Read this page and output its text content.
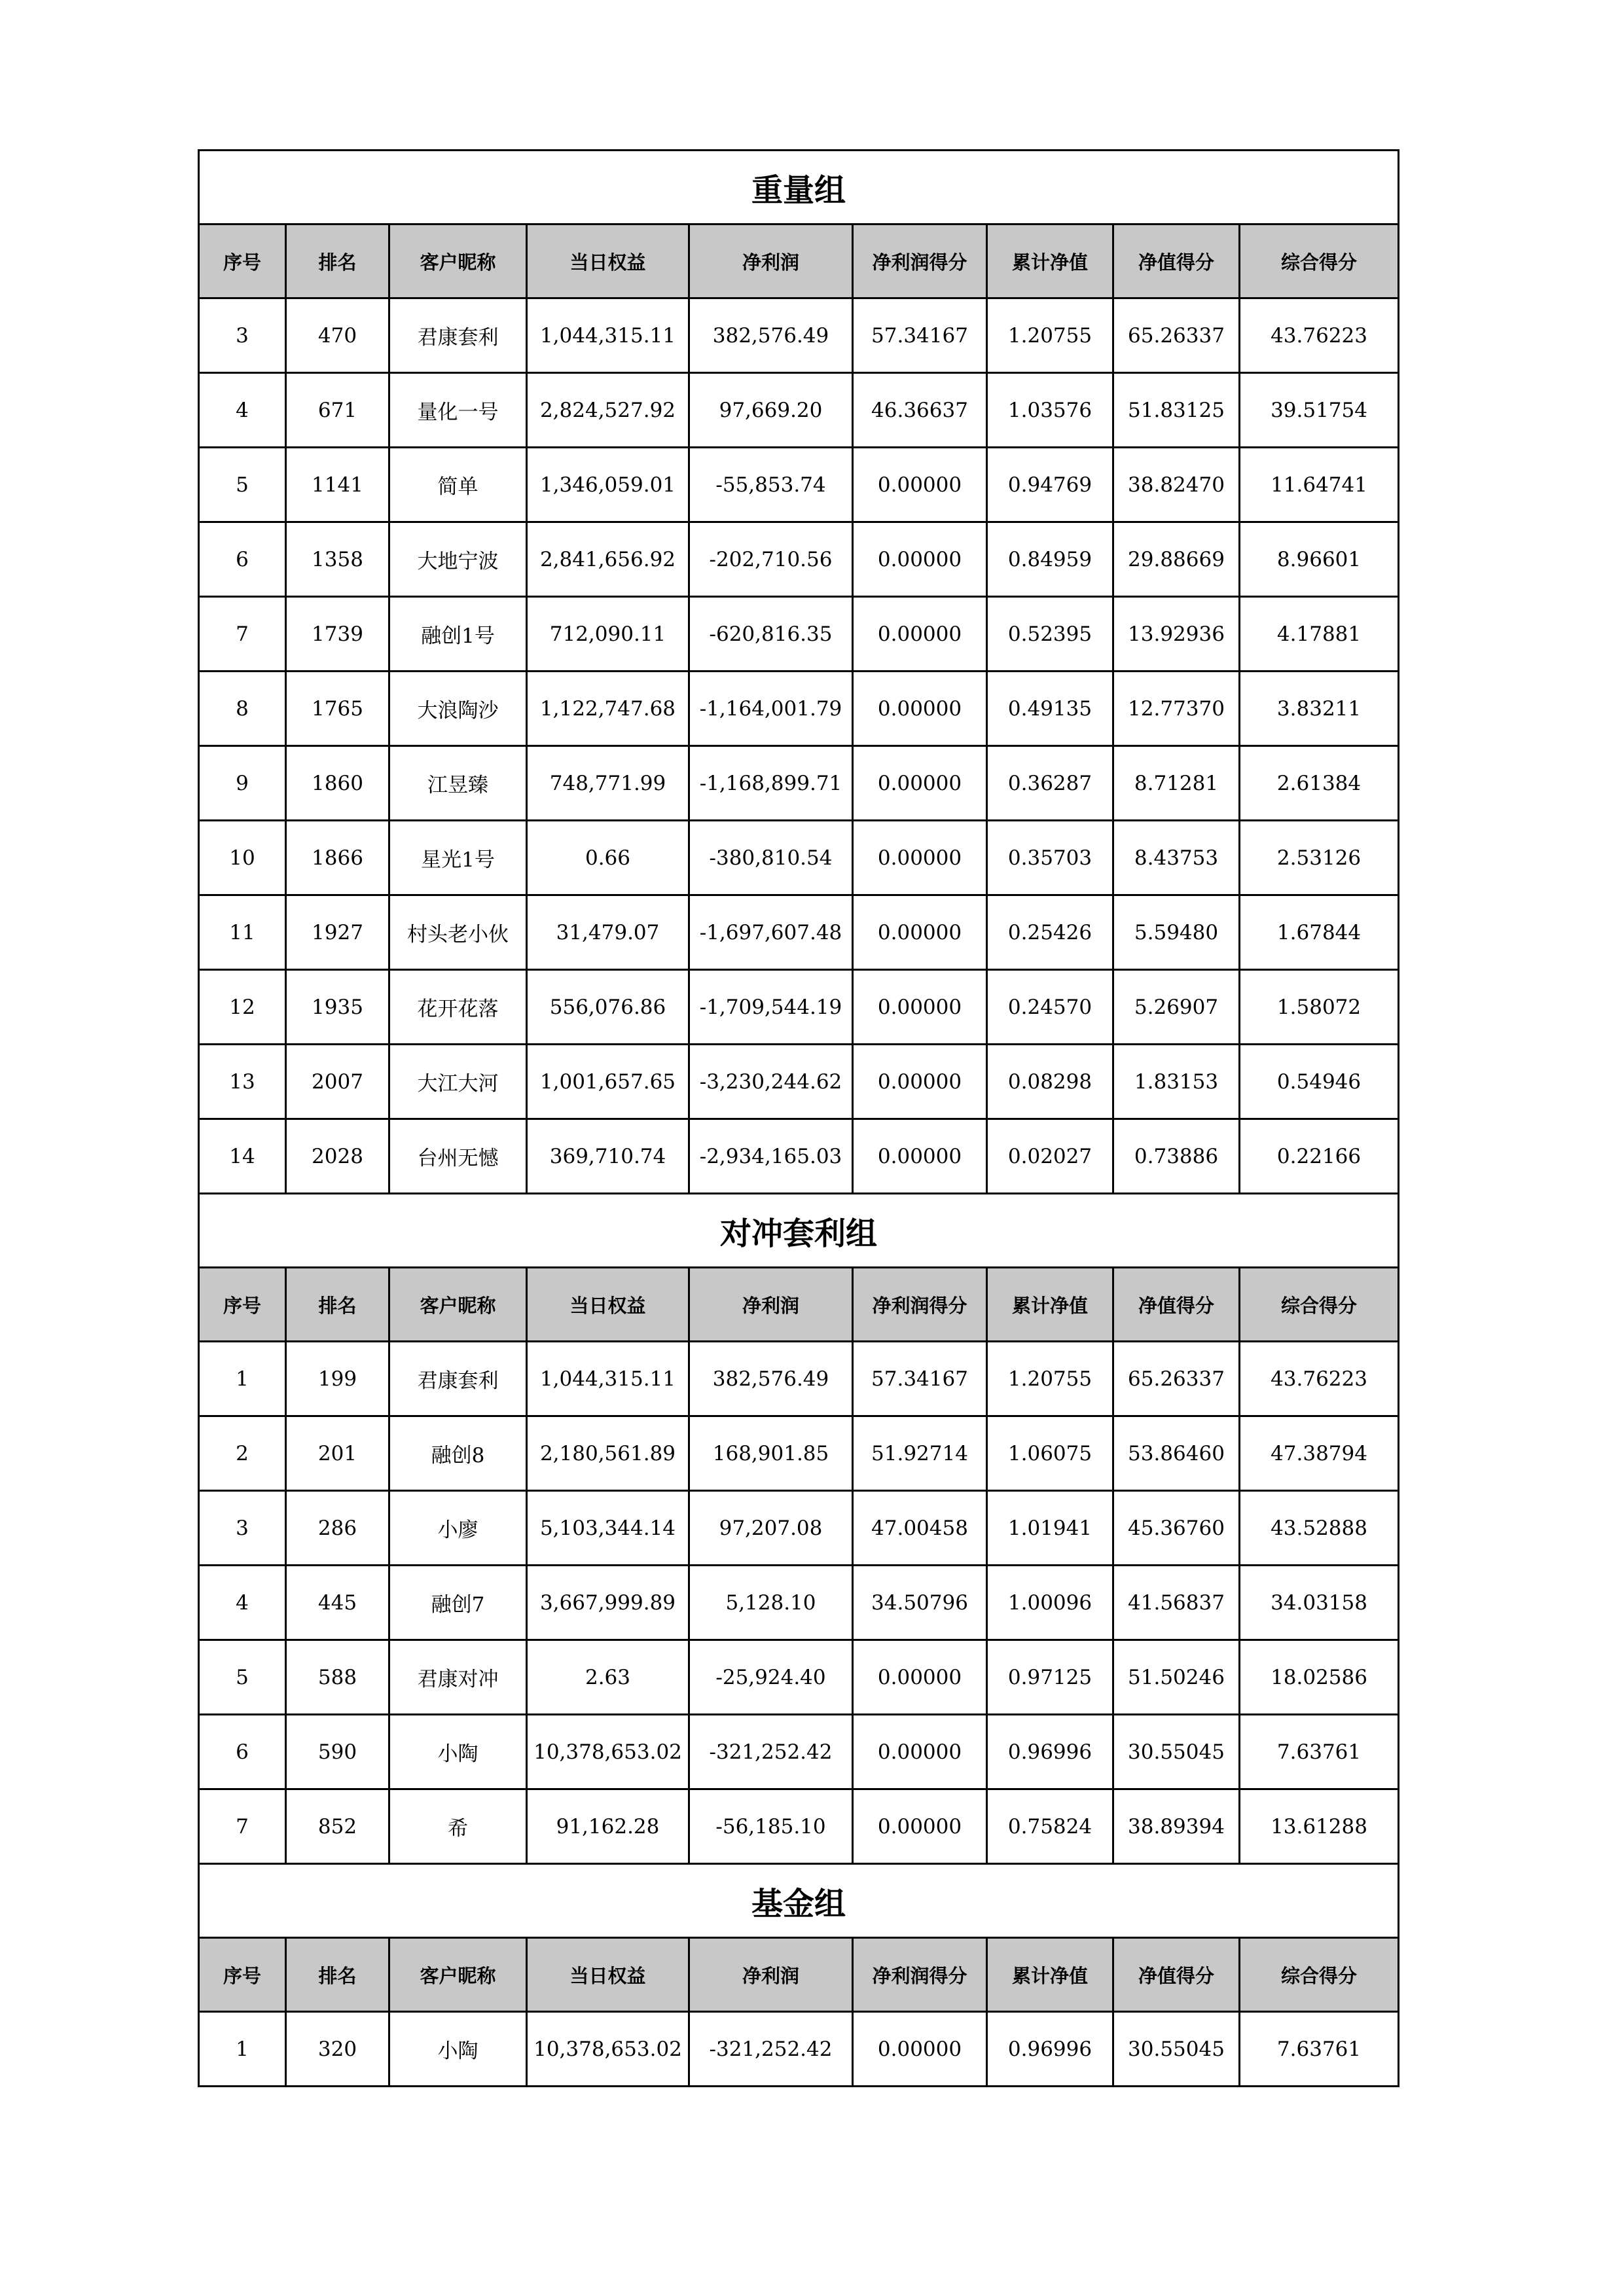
重量组								
序号	排名	客户昵称	当日权益	净利润	净利润得分	累计净值	净值得分	综合得分
3	470	君康套利	1,044,315.11	382,576.49	57.34167	1.20755	65.26337	43.76223
4	671	量化一号	2,824,527.92	97,669.20	46.36637	1.03576	51.83125	39.51754
5	1141	简单	1,346,059.01	-55,853.74	0.00000	0.94769	38.82470	11.64741
6	1358	大地宁波	2,841,656.92	-202,710.56	0.00000	0.84959	29.88669	8.96601
7	1739	融创1号	712,090.11	-620,816.35	0.00000	0.52395	13.92936	4.17881
8	1765	大浪陶沙	1,122,747.68	-1,164,001.79	0.00000	0.49135	12.77370	3.83211
9	1860	江昱臻	748,771.99	-1,168,899.71	0.00000	0.36287	8.71281	2.61384
10	1866	星光1号	0.66	-380,810.54	0.00000	0.35703	8.43753	2.53126
11	1927	村头老小伙	31,479.07	-1,697,607.48	0.00000	0.25426	5.59480	1.67844
12	1935	花开花落	556,076.86	-1,709,544.19	0.00000	0.24570	5.26907	1.58072
13	2007	大江大河	1,001,657.65	-3,230,244.62	0.00000	0.08298	1.83153	0.54946
14	2028	台州无憾	369,710.74	-2,934,165.03	0.00000	0.02027	0.73886	0.22166
对冲套利组								
序号	排名	客户昵称	当日权益	净利润	净利润得分	累计净值	净值得分	综合得分
1	199	君康套利	1,044,315.11	382,576.49	57.34167	1.20755	65.26337	43.76223
2	201	融创8	2,180,561.89	168,901.85	51.92714	1.06075	53.86460	47.38794
3	286	小廖	5,103,344.14	97,207.08	47.00458	1.01941	45.36760	43.52888
4	445	融创7	3,667,999.89	5,128.10	34.50796	1.00096	41.56837	34.03158
5	588	君康对冲	2.63	-25,924.40	0.00000	0.97125	51.50246	18.02586
6	590	小陶	10,378,653.02	-321,252.42	0.00000	0.96996	30.55045	7.63761
7	852	希	91,162.28	-56,185.10	0.00000	0.75824	38.89394	13.61288
基金组								
序号	排名	客户昵称	当日权益	净利润	净利润得分	累计净值	净值得分	综合得分
1	320	小陶	10,378,653.02	-321,252.42	0.00000	0.96996	30.55045	7.63761
